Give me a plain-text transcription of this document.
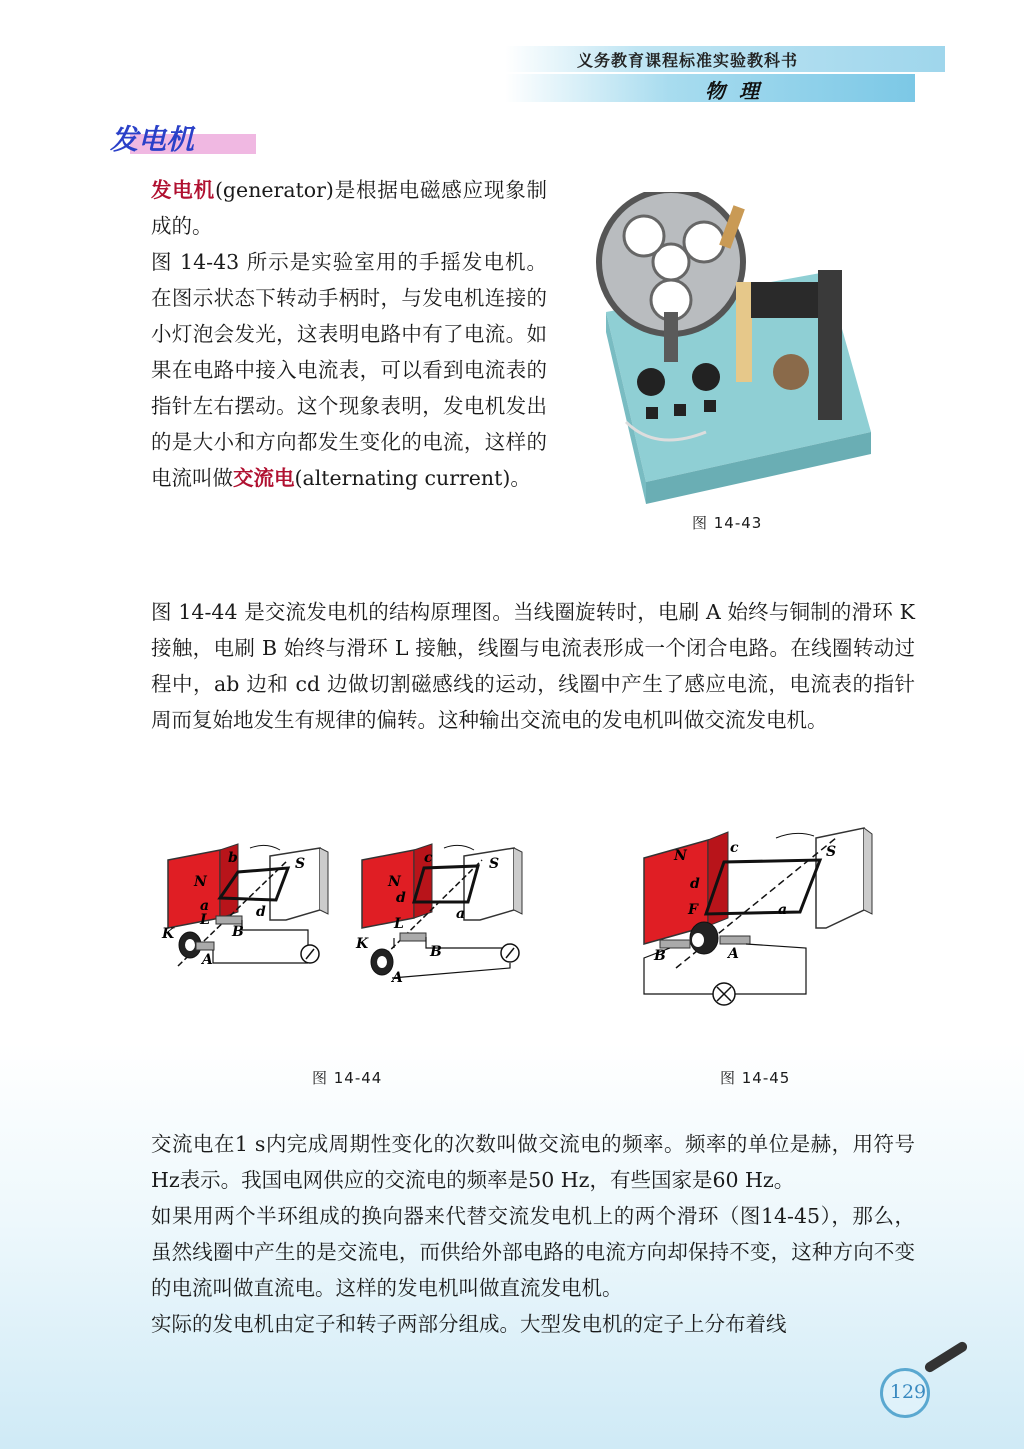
义务教育课程标准实验教科书
物理
发电机

发电机(generator)是根据电磁感应现象制成的。

图 14-43 所示是实验室用的手摇发电机。在图示状态下转动手柄时，与发电机连接的小灯泡会发光，这表明电路中有了电流。如果在电路中接入电流表，可以看到电流表的指针左右摆动。这个现象表明，发电机发出的是大小和方向都发生变化的电流，这样的电流叫做交流电(alternating current)。

图 14-43

图 14-44 是交流发电机的结构原理图。当线圈旋转时，电刷 A 始终与铜制的滑环 K 接触，电刷 B 始终与滑环 L 接触，线圈与电流表形成一个闭合电路。在线圈转动过程中，ab 边和 cd 边做切割磁感线的运动，线圈中产生了感应电流，电流表的指针周而复始地发生有规律的偏转。这种输出交流电的发电机叫做交流发电机。

N
S
b
a	d
L
K	B
A
N
S
c
d
a
L
K	B
A
图 14-44
N	S
c
d
a
F
B	A
图 14-45

交流电在1 s内完成周期性变化的次数叫做交流电的频率。频率的单位是赫，用符号Hz表示。我国电网供应的交流电的频率是50 Hz，有些国家是60 Hz。

如果用两个半环组成的换向器来代替交流发电机上的两个滑环（图14-45），那么，虽然线圈中产生的是交流电，而供给外部电路的电流方向却保持不变，这种方向不变的电流叫做直流电。这样的发电机叫做直流发电机。

实际的发电机由定子和转子两部分组成。大型发电机的定子上分布着线

129
